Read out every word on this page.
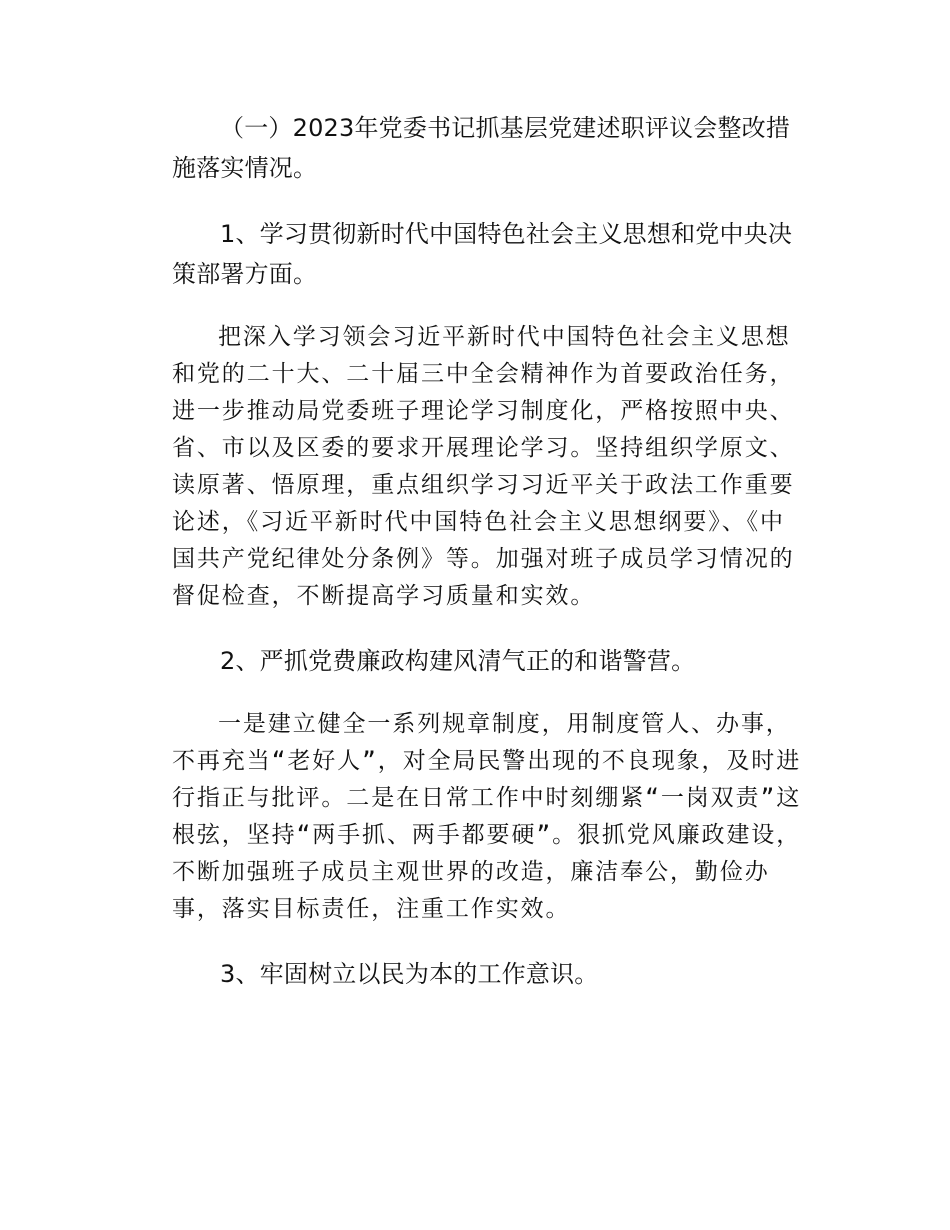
（一）2023年党委书记抓基层党建述职评议会整改措施落实情况。

1、学习贯彻新时代中国特色社会主义思想和党中央决策部署方面。

把深入学习领会习近平新时代中国特色社会主义思想和党的二十大、二十届三中全会精神作为首要政治任务，进一步推动局党委班子理论学习制度化，严格按照中央、省、市以及区委的要求开展理论学习。坚持组织学原文、读原著、悟原理，重点组织学习习近平关于政法工作重要论述，《习近平新时代中国特色社会主义思想纲要》、《中国共产党纪律处分条例》等。加强对班子成员学习情况的督促检查，不断提高学习质量和实效。

2、严抓党费廉政构建风清气正的和谐警营。

一是建立健全一系列规章制度，用制度管人、办事，不再充当“老好人”，对全局民警出现的不良现象，及时进行指正与批评。二是在日常工作中时刻绷紧“一岗双责”这根弦，坚持“两手抓、两手都要硬”。狠抓党风廉政建设，不断加强班子成员主观世界的改造，廉洁奉公，勤俭办事，落实目标责任，注重工作实效。

3、牢固树立以民为本的工作意识。
